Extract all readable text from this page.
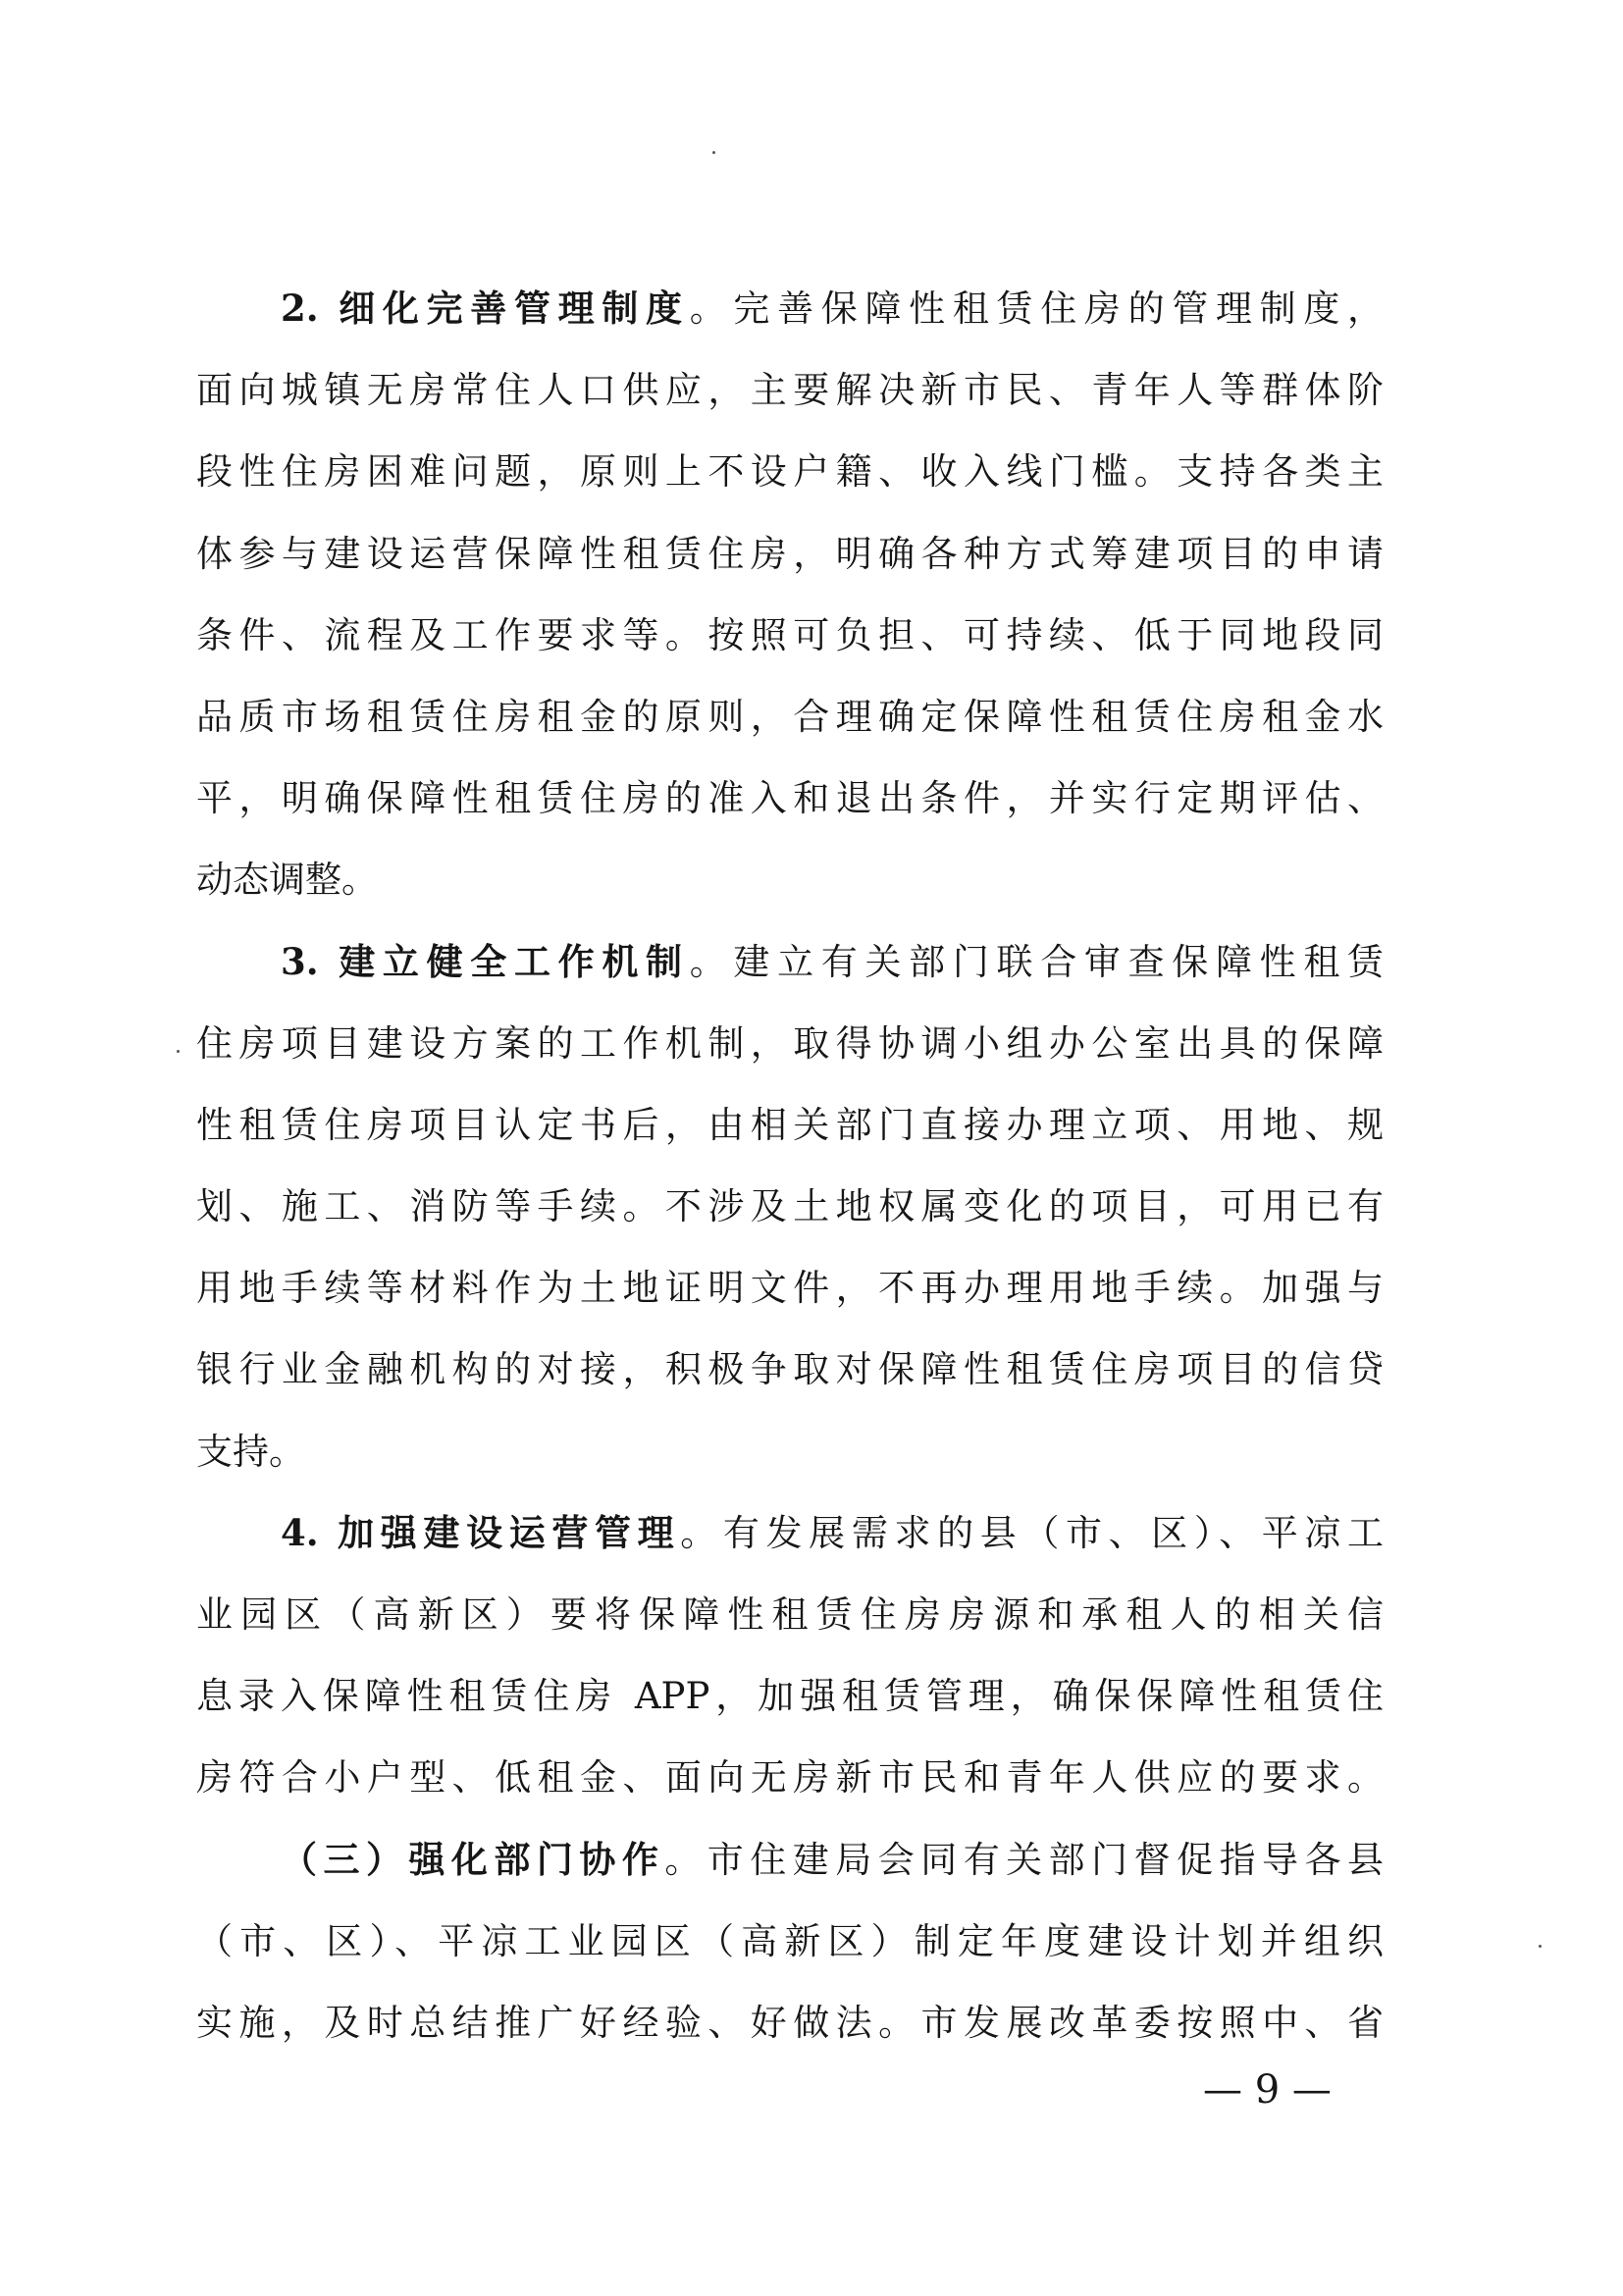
2. 细化完善管理制度。完善保障性租赁住房的管理制度，
面向城镇无房常住人口供应，主要解决新市民、青年人等群体阶
段性住房困难问题，原则上不设户籍、收入线门槛。支持各类主
体参与建设运营保障性租赁住房，明确各种方式筹建项目的申请
条件、流程及工作要求等。按照可负担、可持续、低于同地段同
品质市场租赁住房租金的原则，合理确定保障性租赁住房租金水
平，明确保障性租赁住房的准入和退出条件，并实行定期评估、
动态调整。
3. 建立健全工作机制。建立有关部门联合审查保障性租赁
住房项目建设方案的工作机制，取得协调小组办公室出具的保障
性租赁住房项目认定书后，由相关部门直接办理立项、用地、规
划、施工、消防等手续。不涉及土地权属变化的项目，可用已有
用地手续等材料作为土地证明文件，不再办理用地手续。加强与
银行业金融机构的对接，积极争取对保障性租赁住房项目的信贷
支持。
4. 加强建设运营管理。有发展需求的县（市、区）、平凉工
业园区（高新区）要将保障性租赁住房房源和承租人的相关信
息录入保障性租赁住房 APP，加强租赁管理，确保保障性租赁住
房符合小户型、低租金、面向无房新市民和青年人供应的要求。
（三）强化部门协作。市住建局会同有关部门督促指导各县
（市、区）、平凉工业园区（高新区）制定年度建设计划并组织
实施，及时总结推广好经验、好做法。市发展改革委按照中、省
— 9 —
